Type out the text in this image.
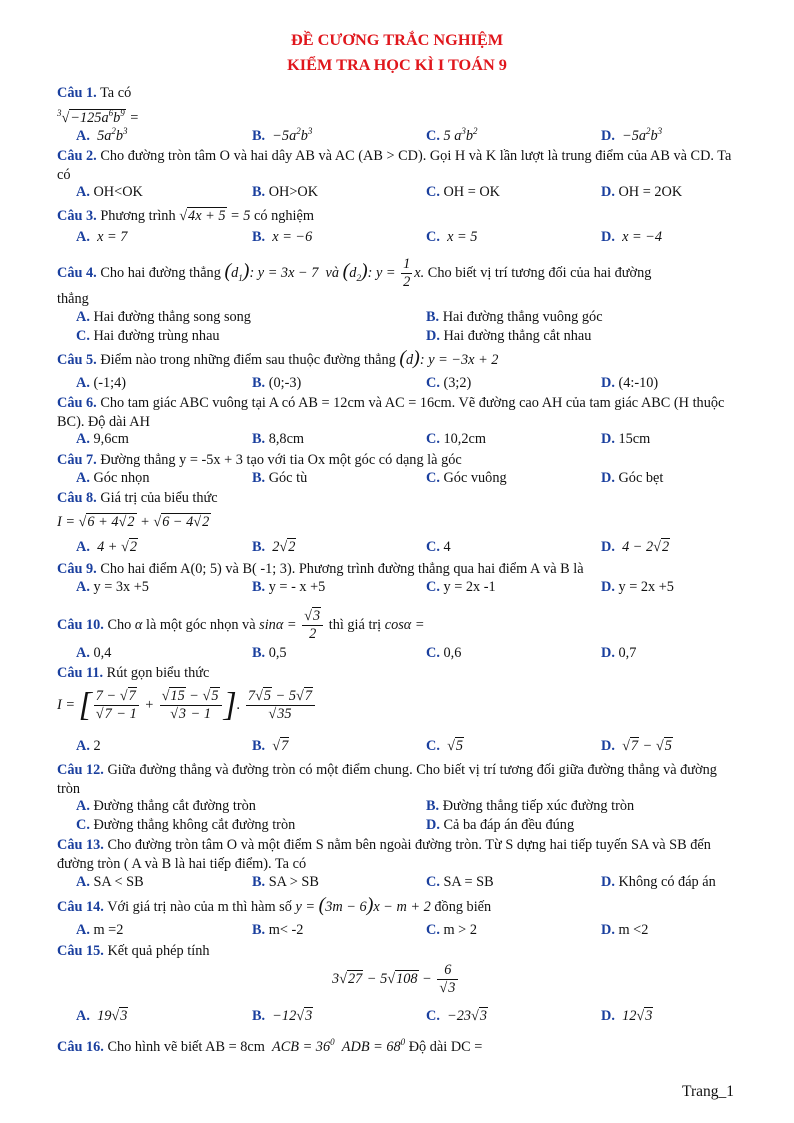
ĐỀ CƯƠNG TRẮC NGHIỆM
KIỂM TRA HỌC KÌ I TOÁN 9
Câu 1. Ta có
$^3√-125a^6b^9$ =
A. $5a^2b^3$	B. $-5a^2b^3$	C. 5 $a^3b^2$	D. $-5a^2b^3$
Câu 2. Cho đường tròn tâm O và hai dây AB và AC (AB > CD). Gọi H và K lần lượt là trung điểm của AB và CD. Ta có
A. OH<OK	B. OH>OK	C. OH = OK	D. OH = 2OK
Câu 3. Phương trình √4x + 5 = 5 có nghiệm
A. x = 7	B. x = −6	C. x = 5	D. x = −4
Câu 4. Cho hai đường thẳng $(d_1)$: y = 3x − 7  và $(d_2)$: $y = \frac{1}{2} x$. Cho biết vị trí tương đối của hai đường
thẳng
A. Hai đường thẳng song song	B. Hai đường thẳng vuông góc
C. Hai đường trùng nhau	D. Hai đường thẳng cắt nhau
Câu 5. Điểm nào trong những điểm sau thuộc đường thẳng (d): y = −3x + 2
A. (-1;4)	B. (0;-3)	C. (3;2)	D. (4:-10)
Câu 6. Cho tam giác ABC vuông tại A có AB = 12cm và AC = 16cm. Vẽ đường cao AH của tam giác ABC (H thuộc BC). Độ dài AH
A. 9,6cm	B. 8,8cm	C. 10,2cm	D. 15cm
Câu 7. Đường thẳng y = -5x + 3 tạo với tia Ox một góc có dạng là góc
A. Góc nhọn	B. Góc tù	C. Góc vuông	D. Góc bẹt
Câu 8. Giá trị của biểu thức
I = √6 + 4√2 + √6 − 4√2
A. 4 + √2	B. 2√2	C. 4	D. 4 − 2√2
Câu 9. Cho hai điểm A(0; 5) và B( -1; 3). Phương trình đường thẳng qua hai điểm A và B là
A. y = 3x +5	B. y = - x +5	C. y = 2x -1	D. y = 2x +5
Câu 10. Cho α là một góc nhọn và $\sin\alpha = \frac{√3}{2}$ thì giá trị cosα =
A. 0,4	B. 0,5	C. 0,6	D. 0,7
Câu 11. Rút gọn biểu thức
I = [ $\frac{7 - √7}{√7 - 1} + \frac{√15 - √5}{√3 - 1}$ ]. $\frac{7√5 - 5√7}{√35}$
A. 2	B. √7	C. √5	D. √7 − √5
Câu 12. Giữa đường thẳng và đường tròn có một điểm chung. Cho biết vị trí tương đối giữa đường thẳng và đường tròn
A. Đường thẳng cắt đường tròn	B. Đường thẳng tiếp xúc đường tròn
C. Đường thẳng không cắt đường tròn	D. Cả ba đáp án đều đúng
Câu 13. Cho đường tròn tâm O và một điểm S nằm bên ngoài đường tròn. Từ S dựng hai tiếp tuyến SA và SB đến đường tròn ( A và B là hai tiếp điểm). Ta có
A. SA < SB	B. SA > SB	C. SA = SB	D. Không có đáp án
Câu 14. Với giá trị nào của m thì hàm số y = (3m − 6)x − m + 2 đồng biến
A. m =2	B. m< -2	C. m > 2	D. m <2
Câu 15. Kết quả phép tính
$3√27 - 5√108 - \frac{6}{√3}$
A. 19√3	B. −12√3	C. −23√3	D. 12√3
Câu 16. Cho hình vẽ biết AB = 8cm ACB = $36^0$ ADB = $68^0$ Độ dài DC =
Trang_1
